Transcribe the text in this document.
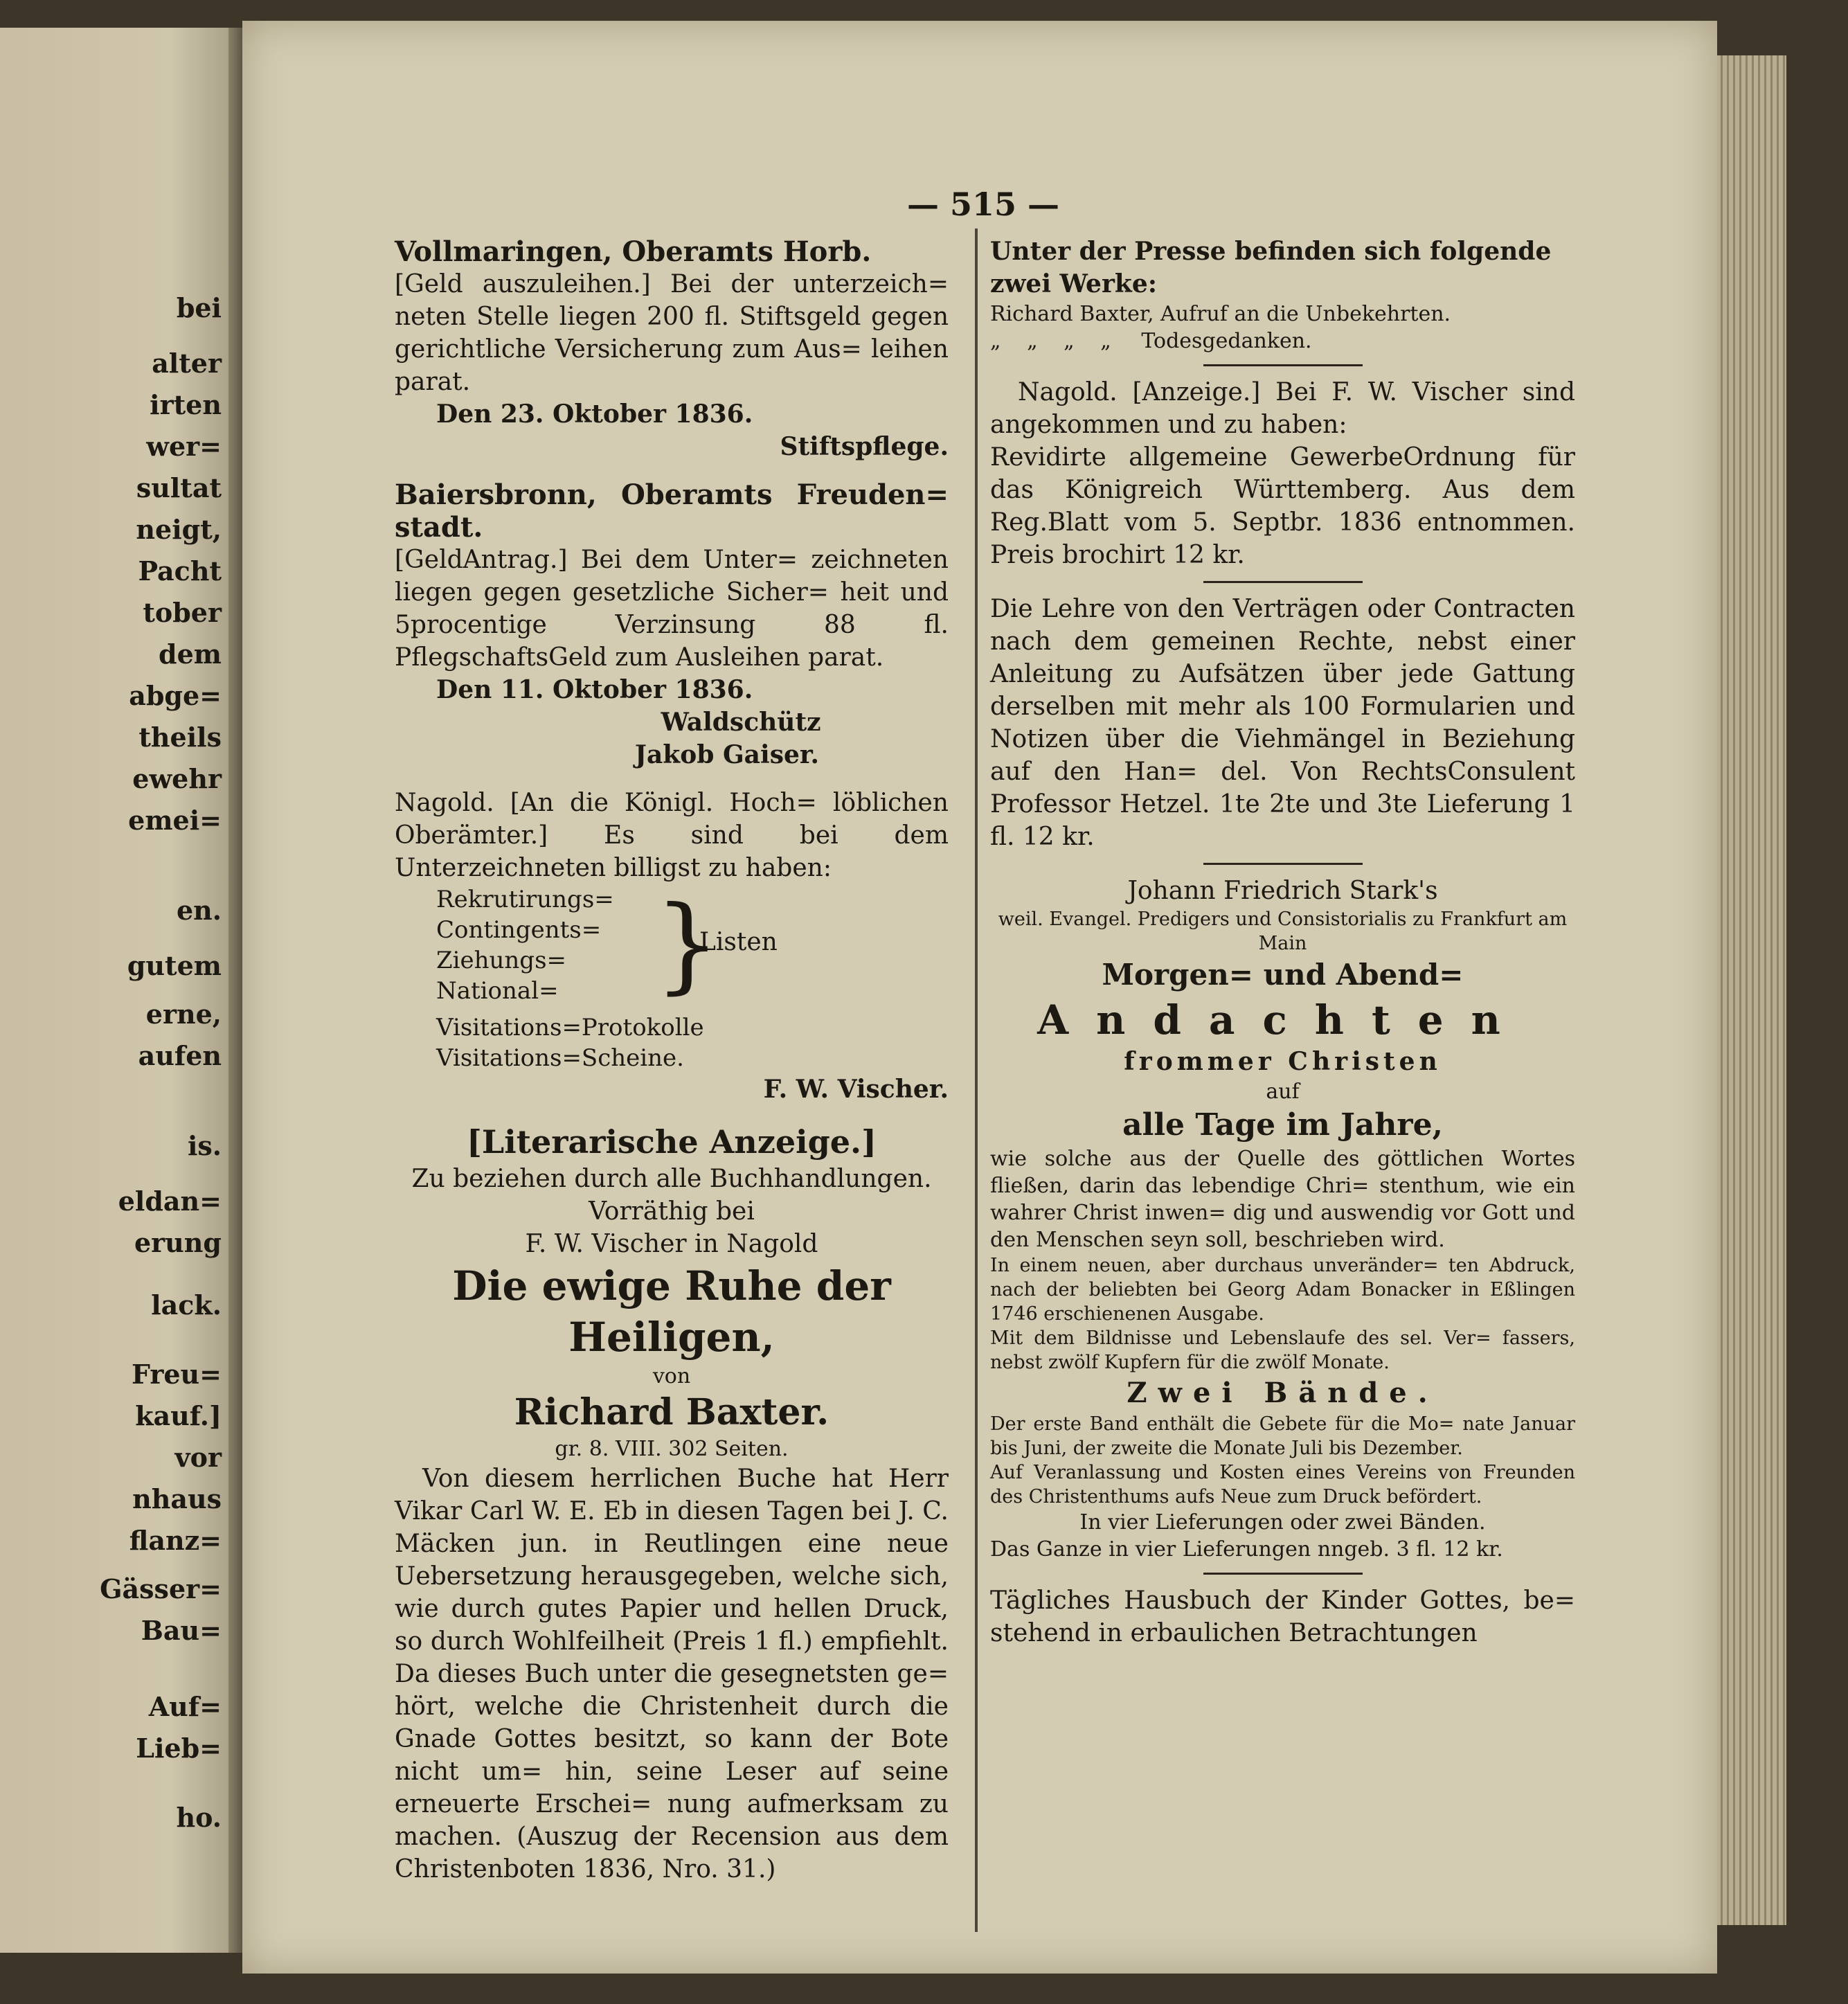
bei
alter
irten
wer=
sultat
neigt,
Pacht
tober
dem
abge=
theils
ewehr
emei=
en.
gutem
erne,
aufen
is.
eldan=
erung
lack.
Freu=
kauf.]
vor
nhaus
flanz=
Gässer=
Bau=
Auf=
Lieb=
ho.
— 515 —

Vollmaringen, Oberamts Horb.

[Geld auszuleihen.] Bei der unterzeich= neten Stelle liegen 200 fl. Stiftsgeld gegen gerichtliche Versicherung zum Aus= leihen parat.

Den 23. Oktober 1836.

Stiftspflege.

Baiersbronn, Oberamts Freuden= stadt.

[GeldAntrag.] Bei dem Unter= zeichneten liegen gegen gesetzliche Sicher= heit und 5procentige Verzinsung 88 fl. PflegschaftsGeld zum Ausleihen parat.

Den 11. Oktober 1836.

Waldschütz

Jakob Gaiser.

Nagold. [An die Königl. Hoch= löblichen Oberämter.] Es sind bei dem Unterzeichneten billigst zu haben:

Rekrutirungs=
Contingents=
Ziehungs=
National= }
Listen
Visitations=Protokolle
Visitations=Scheine.

F. W. Vischer.

[Literarische Anzeige.]

Zu beziehen durch alle Buchhandlungen.

Vorräthig bei

F. W. Vischer in Nagold

Die ewige Ruhe der Heiligen,

von

Richard Baxter.

gr. 8. VIII. 302 Seiten.

Von diesem herrlichen Buche hat Herr Vikar Carl W. E. Eb in diesen Tagen bei J. C. Mäcken jun. in Reutlingen eine neue Uebersetzung herausgegeben, welche sich, wie durch gutes Papier und hellen Druck, so durch Wohlfeilheit (Preis 1 fl.) empfiehlt. Da dieses Buch unter die gesegnetsten ge= hört, welche die Christenheit durch die Gnade Gottes besitzt, so kann der Bote nicht um= hin, seine Leser auf seine erneuerte Erschei= nung aufmerksam zu machen. (Auszug der Recension aus dem Christenboten 1836, Nro. 31.)

Unter der Presse befinden sich folgende

zwei Werke:

Richard Baxter, Aufruf an die Unbekehrten.

„ „ „ „ Todesgedanken.

Nagold. [Anzeige.] Bei F. W. Vischer sind angekommen und zu haben:

Revidirte allgemeine GewerbeOrdnung für das Königreich Württemberg. Aus dem Reg.Blatt vom 5. Septbr. 1836 entnommen. Preis brochirt 12 kr.

Die Lehre von den Verträgen oder Contracten nach dem gemeinen Rechte, nebst einer Anleitung zu Aufsätzen über jede Gattung derselben mit mehr als 100 Formularien und Notizen über die Viehmängel in Beziehung auf den Han= del. Von RechtsConsulent Professor Hetzel. 1te 2te und 3te Lieferung 1 fl. 12 kr.

Johann Friedrich Stark's

weil. Evangel. Predigers und Consistorialis zu Frankfurt am Main

Morgen= und Abend=

Andachten

frommer Christen

auf

alle Tage im Jahre,

wie solche aus der Quelle des göttlichen Wortes fließen, darin das lebendige Chri= stenthum, wie ein wahrer Christ inwen= dig und auswendig vor Gott und den Menschen seyn soll, beschrieben wird.

In einem neuen, aber durchaus unveränder= ten Abdruck, nach der beliebten bei Georg Adam Bonacker in Eßlingen 1746 erschienenen Ausgabe.

Mit dem Bildnisse und Lebenslaufe des sel. Ver= fassers, nebst zwölf Kupfern für die zwölf Monate.

Zwei Bände.

Der erste Band enthält die Gebete für die Mo= nate Januar bis Juni, der zweite die Monate Juli bis Dezember.

Auf Veranlassung und Kosten eines Vereins von Freunden des Christenthums aufs Neue zum Druck befördert.

In vier Lieferungen oder zwei Bänden.

Das Ganze in vier Lieferungen nngeb. 3 fl. 12 kr.

Tägliches Hausbuch der Kinder Gottes, be= stehend in erbaulichen Betrachtungen
